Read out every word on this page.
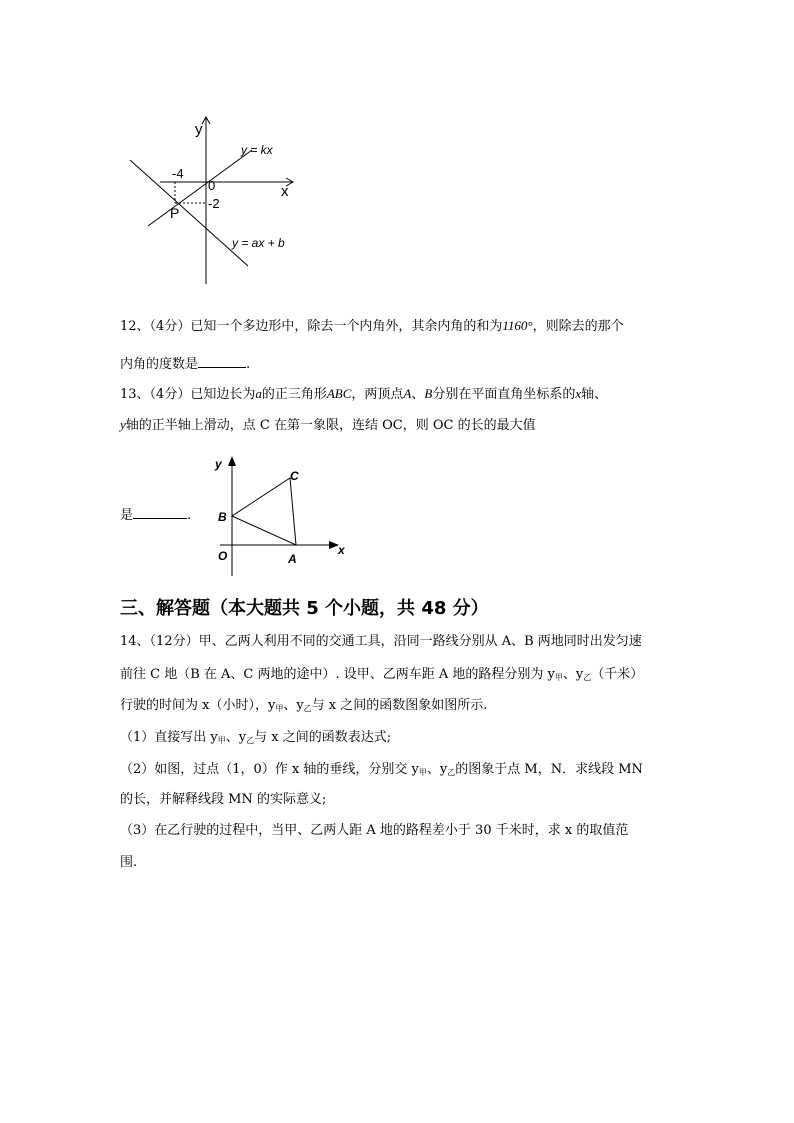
y
x
0
-4
-2
P
y = kx
y = ax + b
12、（4分）已知一个多边形中，除去一个内角外，其余内角的和为1160°，则除去的那个
内角的度数是	.
13、（4分）已知边长为a的正三角形ABC，两顶点A、B分别在平面直角坐标系的x轴、
y轴的正半轴上滑动，点 C 在第一象限，连结 OC，则 OC 的长的最大值
是	.
y
x
O	A
B
C
三、解答题（本大题共 5 个小题，共 48 分）
14、（12分）甲、乙两人利用不同的交通工具，沿同一路线分别从 A、B 两地同时出发匀速
前往 C 地（B 在 A、C 两地的途中）. 设甲、乙两车距 A 地的路程分别为 $y_甲$、$y_乙$（千米）
行驶的时间为 x（小时），$y_甲$、$y_乙$与 x 之间的函数图象如图所示.
（1）直接写出 $y_甲$、$y_乙$与 x 之间的函数表达式;
（2）如图，过点（1，0）作 x 轴的垂线，分别交 $y_甲$、$y_乙$的图象于点 M，N．求线段 MN
的长，并解释线段 MN 的实际意义;
（3）在乙行驶的过程中，当甲、乙两人距 A 地的路程差小于 30 千米时，求 x 的取值范
围.
